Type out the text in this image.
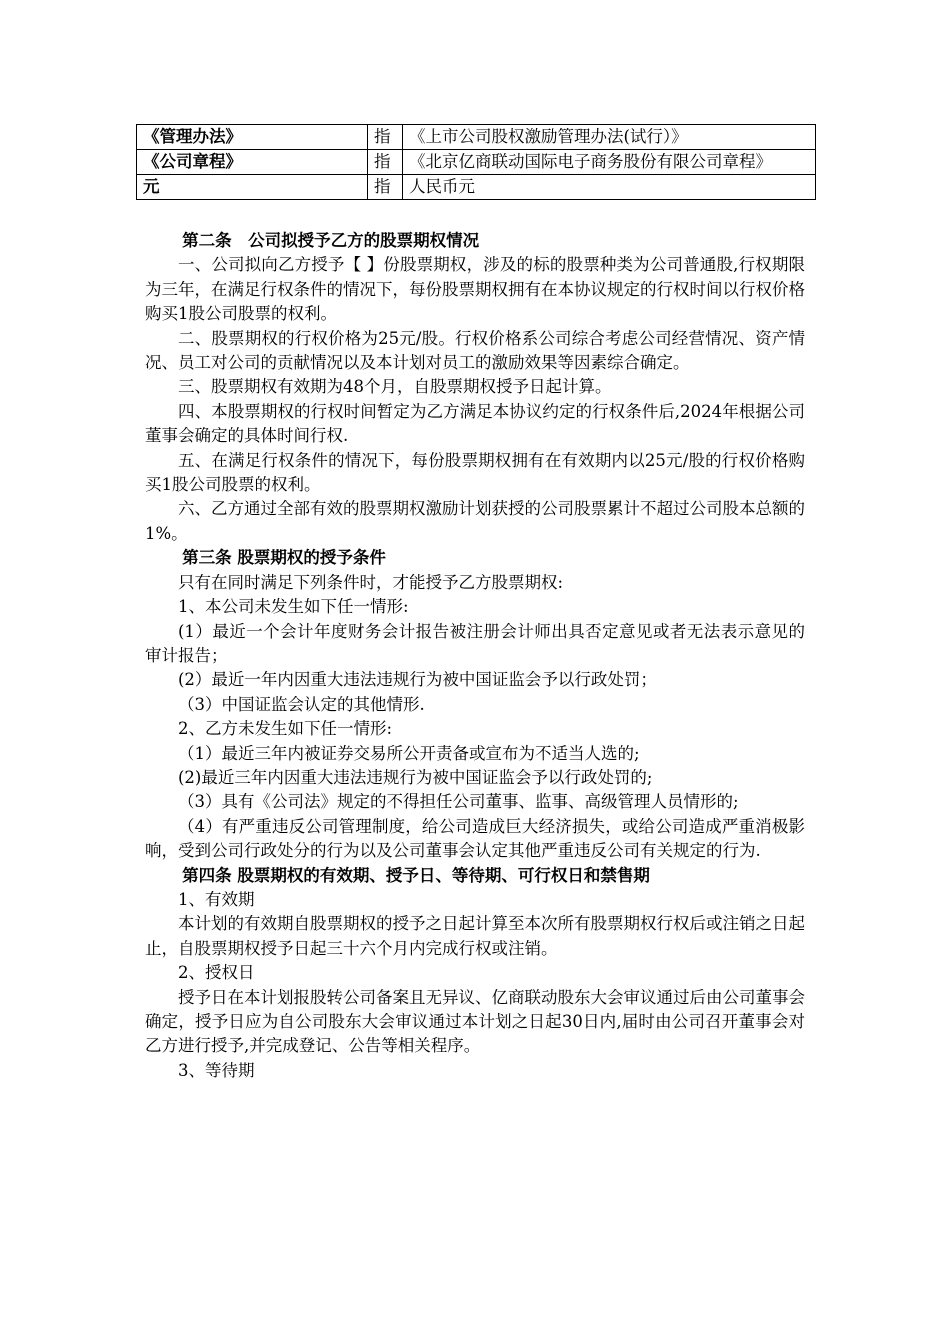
《管理办法》	指	《上市公司股权激励管理办法(试行）》
《公司章程》	指	《北京亿商联动国际电子商务股份有限公司章程》
元	指	人民币元

第二条　公司拟授予乙方的股票期权情况

一、公司拟向乙方授予【 】份股票期权，涉及的标的股票种类为公司普通股,行权期限为三年，在满足行权条件的情况下，每份股票期权拥有在本协议规定的行权时间以行权价格购买1股公司股票的权利。

二、股票期权的行权价格为25元/股。行权价格系公司综合考虑公司经营情况、资产情况、员工对公司的贡献情况以及本计划对员工的激励效果等因素综合确定。

三、股票期权有效期为48个月，自股票期权授予日起计算。

四、本股票期权的行权时间暂定为乙方满足本协议约定的行权条件后,2024年根据公司董事会确定的具体时间行权.

五、在满足行权条件的情况下，每份股票期权拥有在有效期内以25元/股的行权价格购买1股公司股票的权利。

六、乙方通过全部有效的股票期权激励计划获授的公司股票累计不超过公司股本总额的1%。

第三条 股票期权的授予条件

只有在同时满足下列条件时，才能授予乙方股票期权:

1、本公司未发生如下任一情形:

(1）最近一个会计年度财务会计报告被注册会计师出具否定意见或者无法表示意见的审计报告；

(2）最近一年内因重大违法违规行为被中国证监会予以行政处罚；

（3）中国证监会认定的其他情形.

2、乙方未发生如下任一情形:

（1）最近三年内被证券交易所公开责备或宣布为不适当人选的;

(2)最近三年内因重大违法违规行为被中国证监会予以行政处罚的;

（3）具有《公司法》规定的不得担任公司董事、监事、高级管理人员情形的;

（4）有严重违反公司管理制度，给公司造成巨大经济损失，或给公司造成严重消极影响，受到公司行政处分的行为以及公司董事会认定其他严重违反公司有关规定的行为.

第四条 股票期权的有效期、授予日、等待期、可行权日和禁售期

1、有效期

本计划的有效期自股票期权的授予之日起计算至本次所有股票期权行权后或注销之日起止，自股票期权授予日起三十六个月内完成行权或注销。

2、授权日

授予日在本计划报股转公司备案且无异议、亿商联动股东大会审议通过后由公司董事会确定，授予日应为自公司股东大会审议通过本计划之日起30日内,届时由公司召开董事会对乙方进行授予,并完成登记、公告等相关程序。

3、等待期
